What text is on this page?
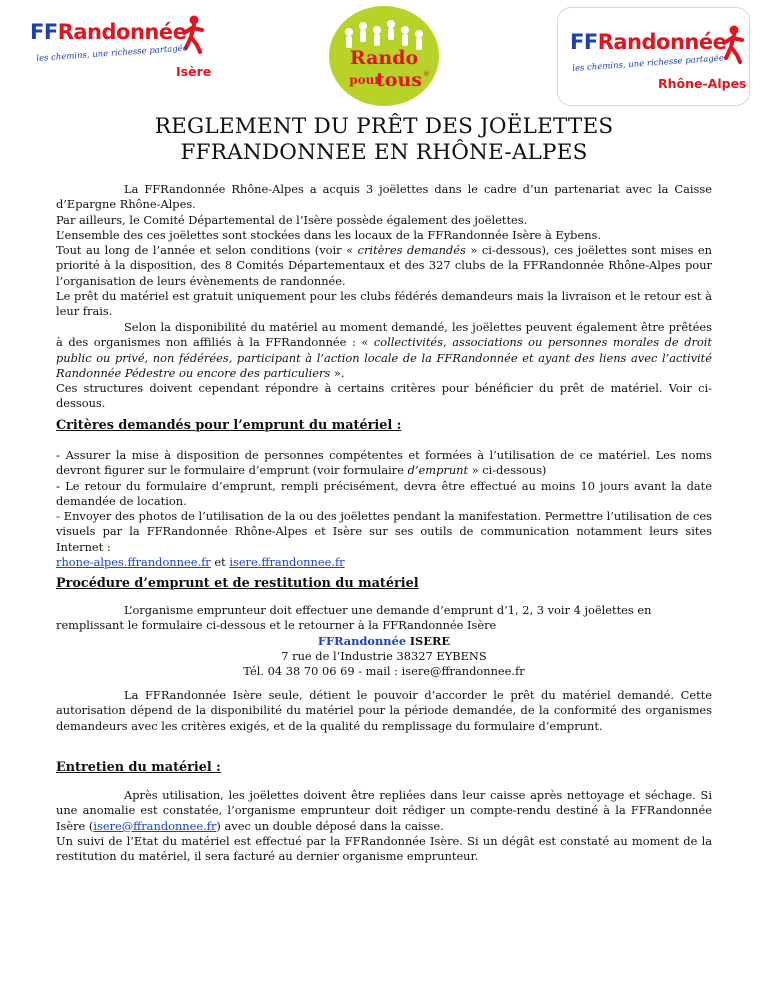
FFRandonnée
les chemins, une richesse partagée
Isère
Rando
pour
tous ®
FFRandonnée
les chemins, une richesse partagée
Rhône-Alpes
REGLEMENT DU PRÊT DES JOËLETTES
FFRANDONNEE EN RHÔNE-ALPES

La FFRandonnée Rhône-Alpes a acquis 3 joëlettes dans le cadre d’un partenariat avec la Caisse d’Epargne Rhône-Alpes.

Par ailleurs, le Comité Départemental de l’Isère possède également des joëlettes.

L’ensemble des ces joëlettes sont stockées dans les locaux de la FFRandonnée Isère à Eybens.

Tout au long de l’année et selon conditions (voir « critères demandés » ci-dessous), ces joëlettes sont mises en priorité à la disposition, des 8 Comités Départementaux et des 327 clubs de la FFRandonnée Rhône-Alpes pour l’organisation de leurs évènements de randonnée.

Le prêt du matériel est gratuit uniquement pour les clubs fédérés demandeurs mais la livraison et le retour est à leur frais.

Selon la disponibilité du matériel au moment demandé, les joëlettes peuvent également être prêtées à des organismes non affiliés à la FFRandonnée : « collectivités, associations ou personnes morales de droit public ou privé, non fédérées, participant à l’action locale de la FFRandonnée et ayant des liens avec l’activité Randonnée Pédestre ou encore des particuliers ».

Ces structures doivent cependant répondre à certains critères pour bénéficier du prêt de matériel. Voir ci-dessous.

Critères demandés pour l’emprunt du matériel :

- Assurer la mise à disposition de personnes compétentes et formées à l’utilisation de ce matériel. Les noms devront figurer sur le formulaire d’emprunt (voir formulaire d’emprunt » ci-dessous)

- Le retour du formulaire d’emprunt, rempli précisément, devra être effectué au moins 10 jours avant la date demandée de location.

- Envoyer des photos de l’utilisation de la ou des joëlettes pendant la manifestation. Permettre l’utilisation de ces visuels par la FFRandonnée Rhône-Alpes et Isère sur ses outils de communication notamment leurs sites Internet :
rhone-alpes.ffrandonnee.fr et isere.ffrandonnee.fr

Procédure d’emprunt et de restitution du matériel

L’organisme emprunteur doit effectuer une demande d’emprunt d’1, 2, 3 voir 4 joëlettes en remplissant le formulaire ci-dessous et le retourner à la FFRandonnée Isère

FFRandonnée ISERE

7 rue de l’Industrie 38327 EYBENS

Tél. 04 38 70 06 69 - mail : isere@ffrandonnee.fr

La FFRandonnée Isère seule, détient le pouvoir d’accorder le prêt du matériel demandé. Cette autorisation dépend de la disponibilité du matériel pour la période demandée, de la conformité des organismes demandeurs avec les critères exigés, et de la qualité du remplissage du formulaire d’emprunt.

Entretien du matériel :

Après utilisation, les joëlettes doivent être repliées dans leur caisse après nettoyage et séchage. Si une anomalie est constatée, l’organisme emprunteur doit rédiger un compte-rendu destiné à la FFRandonnée Isère (isere@ffrandonnee.fr) avec un double déposé dans la caisse.

Un suivi de l’Etat du matériel est effectué par la FFRandonnée Isère. Si un dégât est constaté au moment de la restitution du matériel, il sera facturé au dernier organisme emprunteur.
